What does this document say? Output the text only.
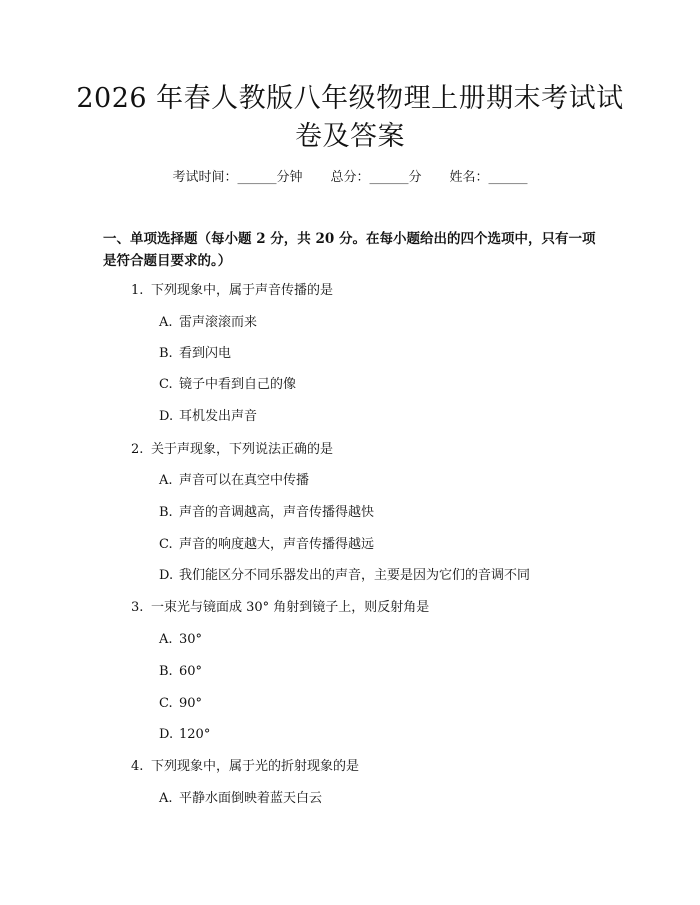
2026 年春人教版八年级物理上册期末考试试
卷及答案
考试时间：______分钟 总分：______分 姓名：______
一、单项选择题（每小题 2 分，共 20 分。在每小题给出的四个选项中，只有一项
是符合题目要求的。）
1. 下列现象中，属于声音传播的是
A. 雷声滚滚而来
B. 看到闪电
C. 镜子中看到自己的像
D. 耳机发出声音
2. 关于声现象，下列说法正确的是
A. 声音可以在真空中传播
B. 声音的音调越高，声音传播得越快
C. 声音的响度越大，声音传播得越远
D. 我们能区分不同乐器发出的声音，主要是因为它们的音调不同
3. 一束光与镜面成 30° 角射到镜子上，则反射角是
A. 30°
B. 60°
C. 90°
D. 120°
4. 下列现象中，属于光的折射现象的是
A. 平静水面倒映着蓝天白云
